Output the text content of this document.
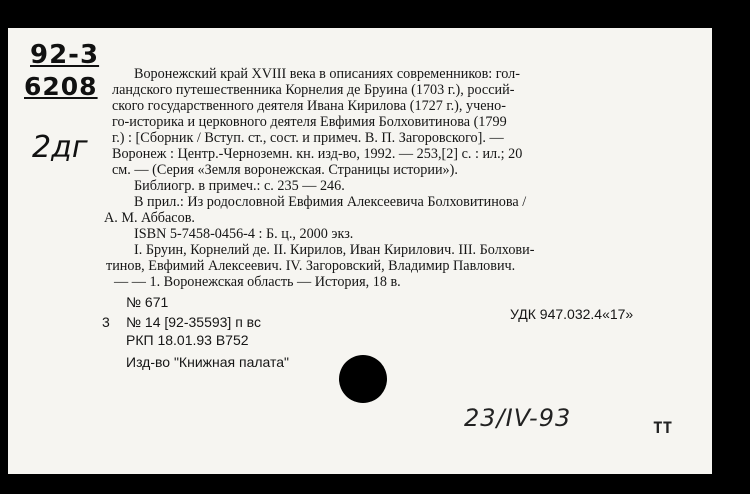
92-3
6208
2дг
Воронежский край XVIII века в описаниях современников: гол-
ландского путешественника Корнелия де Бруина (1703 г.), россий-
ского государственного деятеля Ивана Кирилова (1727 г.), учено-
го-историка и церковного деятеля Евфимия Болховитинова (1799
г.) : [Сборник / Вступ. ст., сост. и примеч. В. П. Загоровского]. —
Воронеж : Центр.-Черноземн. кн. изд-во, 1992. — 253,[2] с. : ил.; 20
см. — (Серия «Земля воронежская. Страницы истории»).
Библиогр. в примеч.: с. 235 — 246.
В прил.: Из родословной Евфимия Алексеевича Болховитинова /
А. М. Аббасов.
ISBN 5-7458-0456-4 : Б. ц., 2000 экз.
I. Бруин, Корнелий де. II. Кирилов, Иван Кирилович. III. Болхови-
тинов, Евфимий Алексеевич. IV. Загоровский, Владимир Павлович.
— — 1. Воронежская область — История, 18 в.
№ 671
3 № 14 [92-35593] п вс
РКП 18.01.93 В752
Изд-во "Книжная палата"
УДК 947.032.4«17»
23/IV-93	ТТ
